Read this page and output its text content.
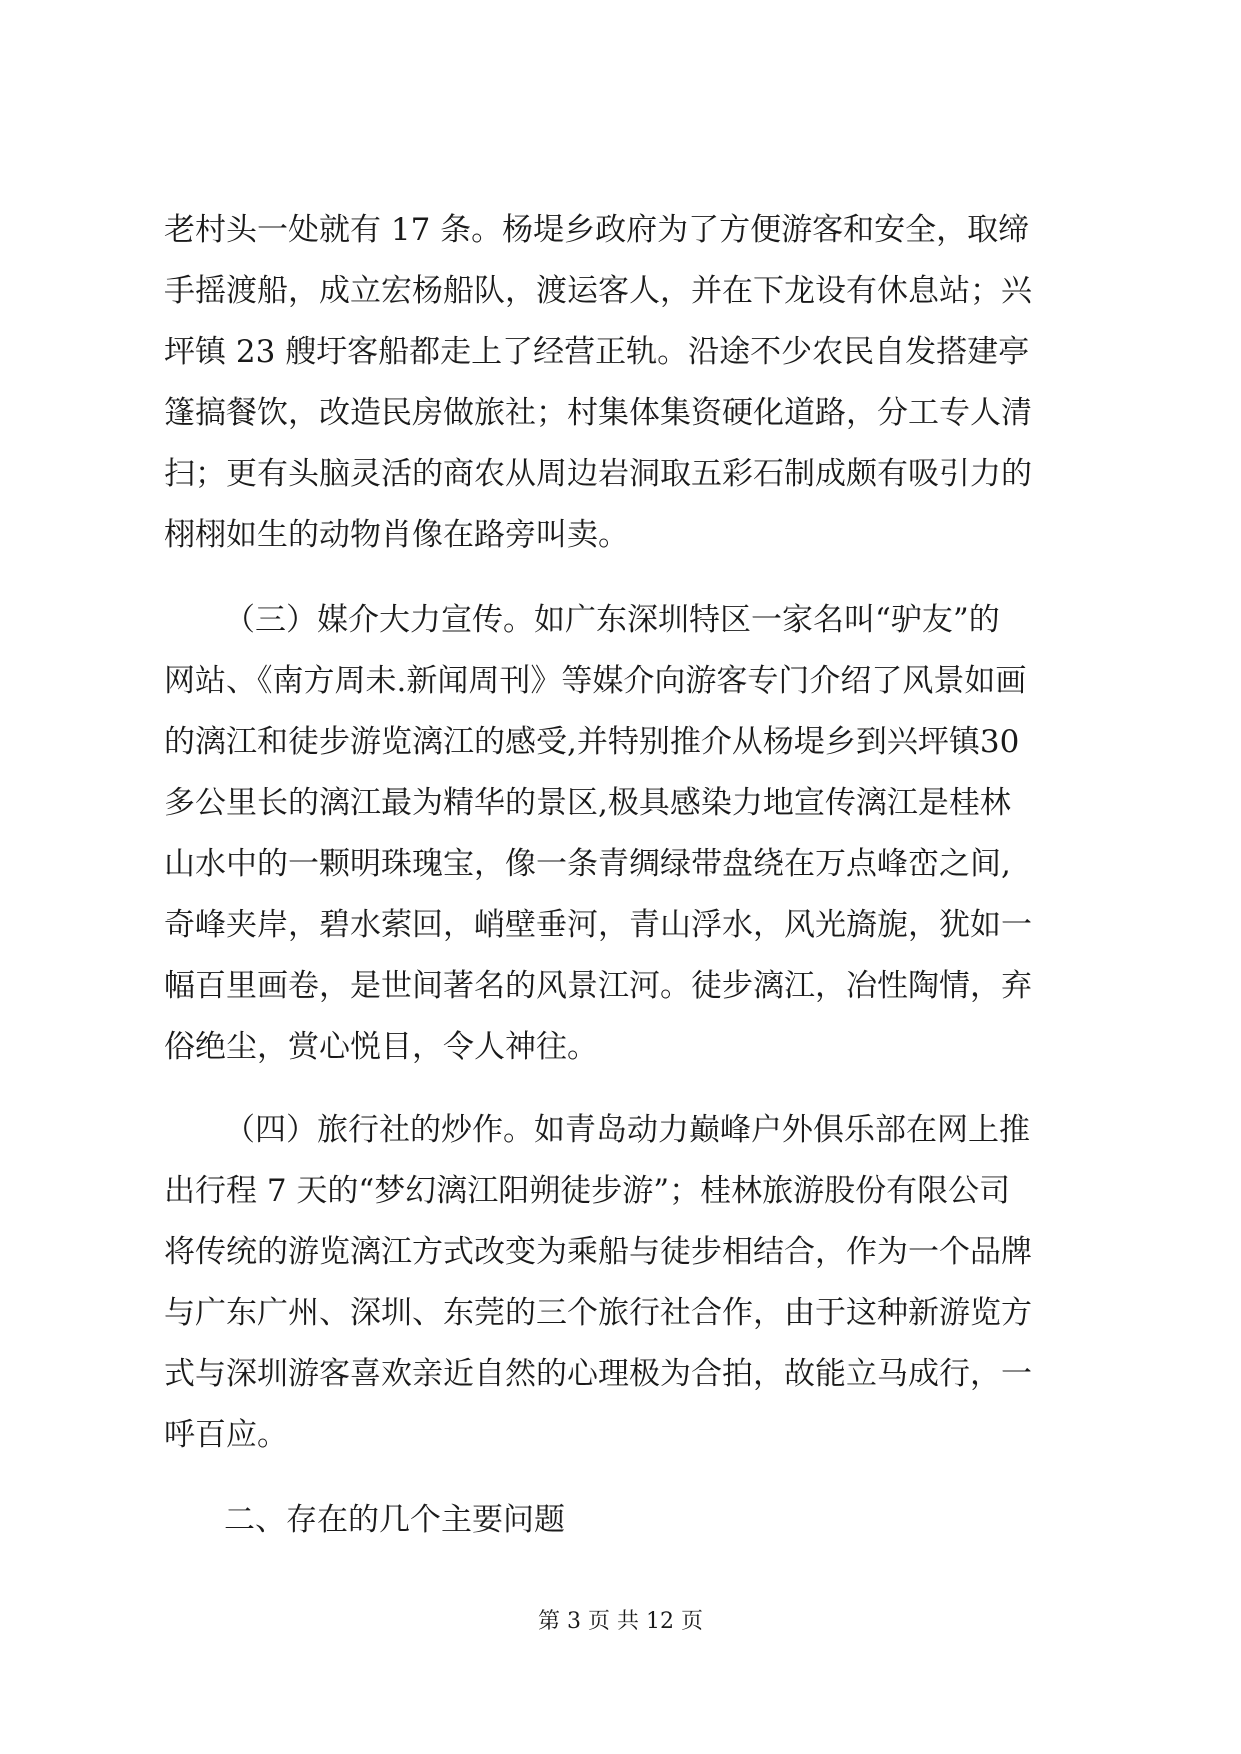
老村头一处就有 17 条。杨堤乡政府为了方便游客和安全，取缔
手摇渡船，成立宏杨船队，渡运客人，并在下龙设有休息站；兴
坪镇 23 艘圩客船都走上了经营正轨。沿途不少农民自发搭建亭
篷搞餐饮，改造民房做旅社；村集体集资硬化道路，分工专人清
扫；更有头脑灵活的商农从周边岩洞取五彩石制成颇有吸引力的
栩栩如生的动物肖像在路旁叫卖。
（三）媒介大力宣传。如广东深圳特区一家名叫“驴友”的
网站、《南方周未.新闻周刊》等媒介向游客专门介绍了风景如画
的漓江和徒步游览漓江的感受,并特别推介从杨堤乡到兴坪镇30
多公里长的漓江最为精华的景区,极具感染力地宣传漓江是桂林
山水中的一颗明珠瑰宝，像一条青绸绿带盘绕在万点峰峦之间,
奇峰夹岸，碧水萦回，峭壁垂河，青山浮水，风光旖旎，犹如一
幅百里画卷，是世间著名的风景江河。徒步漓江，冶性陶情，弃
俗绝尘，赏心悦目，令人神往。
（四）旅行社的炒作。如青岛动力巅峰户外俱乐部在网上推
出行程 7 天的“梦幻漓江阳朔徒步游”；桂林旅游股份有限公司
将传统的游览漓江方式改变为乘船与徒步相结合，作为一个品牌
与广东广州、深圳、东莞的三个旅行社合作，由于这种新游览方
式与深圳游客喜欢亲近自然的心理极为合拍，故能立马成行，一
呼百应。
二、存在的几个主要问题
第 3 页 共 12 页
